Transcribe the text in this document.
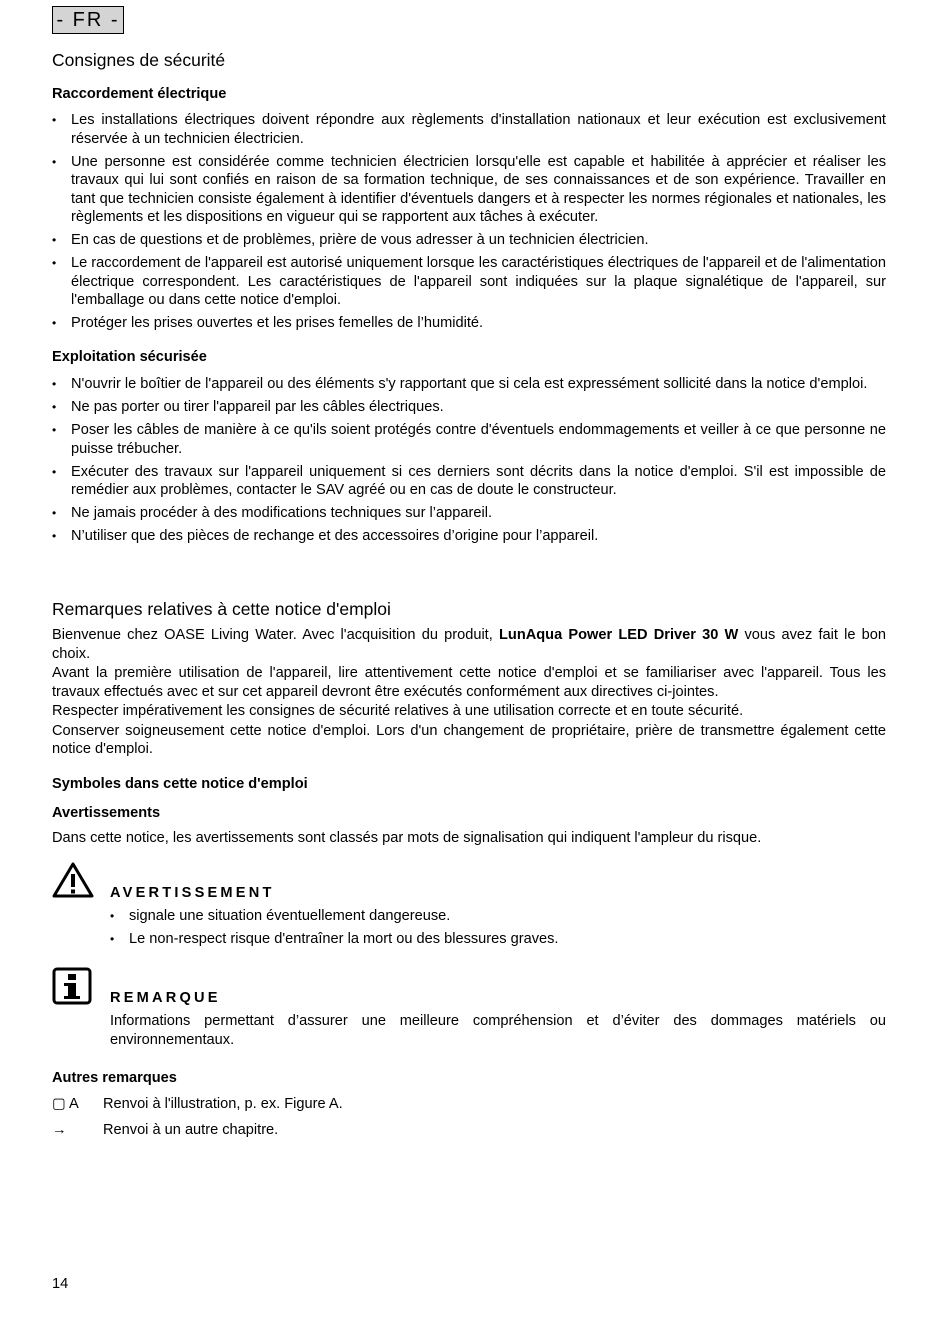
- FR -
Consignes de sécurité
Raccordement électrique
• Les installations électriques doivent répondre aux règlements d'installation nationaux et leur exécution est exclusivement réservée à un technicien électricien.
• Une personne est considérée comme technicien électricien lorsqu'elle est capable et habilitée à apprécier et réaliser les travaux qui lui sont confiés en raison de sa formation technique, de ses connaissances et de son expérience. Travailler en tant que technicien consiste également à identifier d'éventuels dangers et à respecter les normes régionales et nationales, les règlements et les dispositions en vigueur qui se rapportent aux tâches à exécuter.
• En cas de questions et de problèmes, prière de vous adresser à un technicien électricien.
• Le raccordement de l'appareil est autorisé uniquement lorsque les caractéristiques électriques de l'appareil et de l'alimentation électrique correspondent. Les caractéristiques de l'appareil sont indiquées sur la plaque signalétique de l'appareil, sur l'emballage ou dans cette notice d'emploi.
• Protéger les prises ouvertes et les prises femelles de l’humidité.
Exploitation sécurisée
• N'ouvrir le boîtier de l'appareil ou des éléments s'y rapportant que si cela est expressément sollicité dans la notice d'emploi.
• Ne pas porter ou tirer l'appareil par les câbles électriques.
• Poser les câbles de manière à ce qu'ils soient protégés contre d'éventuels endommagements et veiller à ce que personne ne puisse trébucher.
• Exécuter des travaux sur l'appareil uniquement si ces derniers sont décrits dans la notice d'emploi. S'il est impossible de remédier aux problèmes, contacter le SAV agréé ou en cas de doute le constructeur.
• Ne jamais procéder à des modifications techniques sur l’appareil.
• N’utiliser que des pièces de rechange et des accessoires d’origine pour l’appareil.
Remarques relatives à cette notice d'emploi

Bienvenue chez OASE Living Water. Avec l'acquisition du produit, LunAqua Power LED Driver 30 W vous avez fait le bon choix.

Avant la première utilisation de l'appareil, lire attentivement cette notice d'emploi et se familiariser avec l'appareil. Tous les travaux effectués avec et sur cet appareil devront être exécutés conformément aux directives ci-jointes.

Respecter impérativement les consignes de sécurité relatives à une utilisation correcte et en toute sécurité.

Conserver soigneusement cette notice d'emploi. Lors d'un changement de propriétaire, prière de transmettre également cette notice d'emploi.

Symboles dans cette notice d'emploi
Avertissements
Dans cette notice, les avertissements sont classés par mots de signalisation qui indiquent l'ampleur du risque.
AVERTISSEMENT
• signale une situation éventuellement dangereuse.
• Le non-respect risque d'entraîner la mort ou des blessures graves.
REMARQUE
Informations permettant d’assurer une meilleure compréhension et d’éviter des dommages matériels ou environnementaux.
Autres remarques
▢ A Renvoi à l'illustration, p. ex. Figure A.
→ Renvoi à un autre chapitre.
14
